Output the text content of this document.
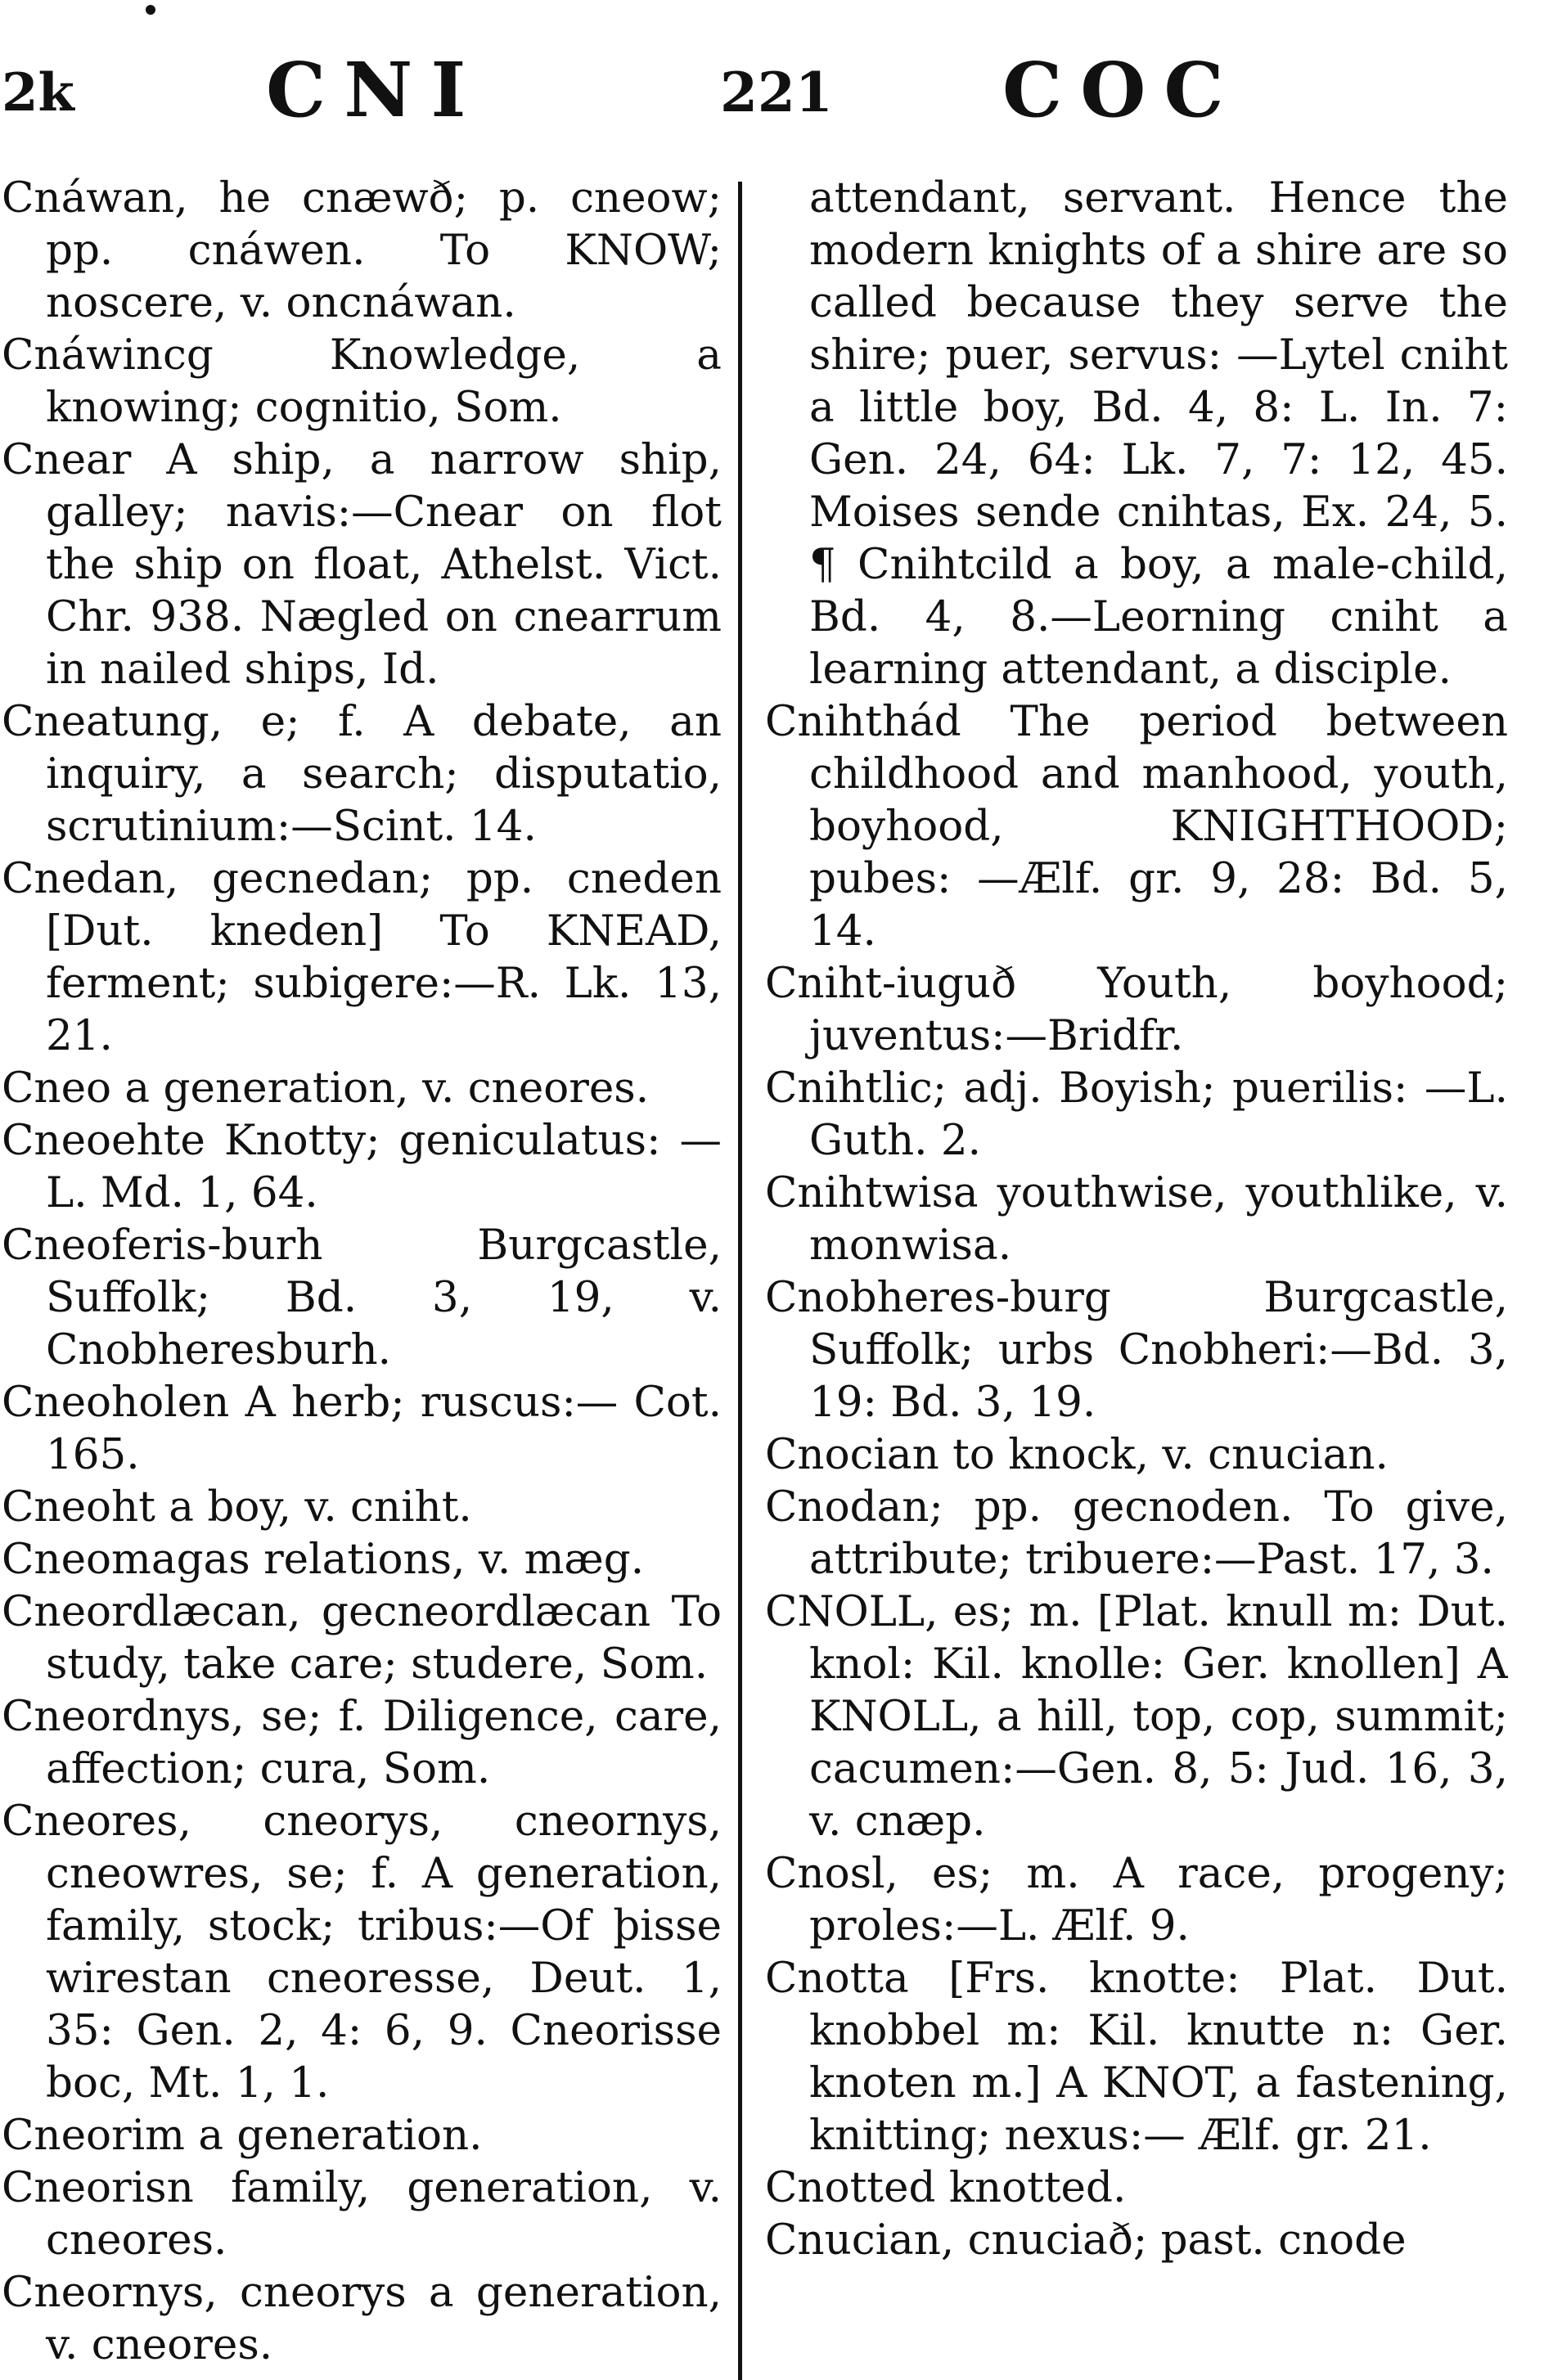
2k	CNI	221 COC

Cnáwan, he cnæwð; p. cneow; pp. cnáwen. To KNOW; noscere, v. oncnáwan.

Cnáwincg Knowledge, a knowing; cognitio, Som.

Cnear A ship, a narrow ship, galley; navis:—Cnear on flot the ship on float, Athelst. Vict. Chr. 938. Nægled on cnearrum in nailed ships, Id.

Cneatung, e; f. A debate, an inquiry, a search; disputatio, scrutinium:—Scint. 14.

Cnedan, gecnedan; pp. cneden [Dut. kneden] To KNEAD, ferment; subigere:—R. Lk. 13, 21.

Cneo a generation, v. cneores.

Cneoehte Knotty; geniculatus: —L. Md. 1, 64.

Cneoferis-burh Burgcastle, Suffolk; Bd. 3, 19, v. Cnobheresburh.

Cneoholen A herb; ruscus:— Cot. 165.

Cneoht a boy, v. cniht.

Cneomagas relations, v. mæg.

Cneordlæcan, gecneordlæcan To study, take care; studere, Som.

Cneordnys, se; f. Diligence, care, affection; cura, Som.

Cneores, cneorys, cneornys, cneowres, se; f. A generation, family, stock; tribus:—Of þisse wirestan cneoresse, Deut. 1, 35: Gen. 2, 4: 6, 9. Cneorisse boc, Mt. 1, 1.

Cneorim a generation.

Cneorisn family, generation, v. cneores.

Cneornys, cneorys a generation, v. cneores.

attendant, servant. Hence the modern knights of a shire are so called because they serve the shire; puer, servus: —Lytel cniht a little boy, Bd. 4, 8: L. In. 7: Gen. 24, 64: Lk. 7, 7: 12, 45. Moises sende cnihtas, Ex. 24, 5. ¶ Cnihtcild a boy, a male-child, Bd. 4, 8.—Leorning cniht a learning attendant, a disciple.

Cnihthád The period between childhood and manhood, youth, boyhood, KNIGHTHOOD; pubes: —Ælf. gr. 9, 28: Bd. 5, 14.

Cniht-iuguð Youth, boyhood; juventus:—Bridfr.

Cnihtlic; adj. Boyish; puerilis: —L. Guth. 2.

Cnihtwisa youthwise, youthlike, v. monwisa.

Cnobheres-burg Burgcastle, Suffolk; urbs Cnobheri:—Bd. 3, 19: Bd. 3, 19.

Cnocian to knock, v. cnucian.

Cnodan; pp. gecnoden. To give, attribute; tribuere:—Past. 17, 3.

CNOLL, es; m. [Plat. knull m: Dut. knol: Kil. knolle: Ger. knollen] A KNOLL, a hill, top, cop, summit; cacumen:—Gen. 8, 5: Jud. 16, 3, v. cnæp.

Cnosl, es; m. A race, progeny; proles:—L. Ælf. 9.

Cnotta [Frs. knotte: Plat. Dut. knobbel m: Kil. knutte n: Ger. knoten m.] A KNOT, a fastening, knitting; nexus:— Ælf. gr. 21.

Cnotted knotted.

Cnucian, cnuciað; past. cnode
